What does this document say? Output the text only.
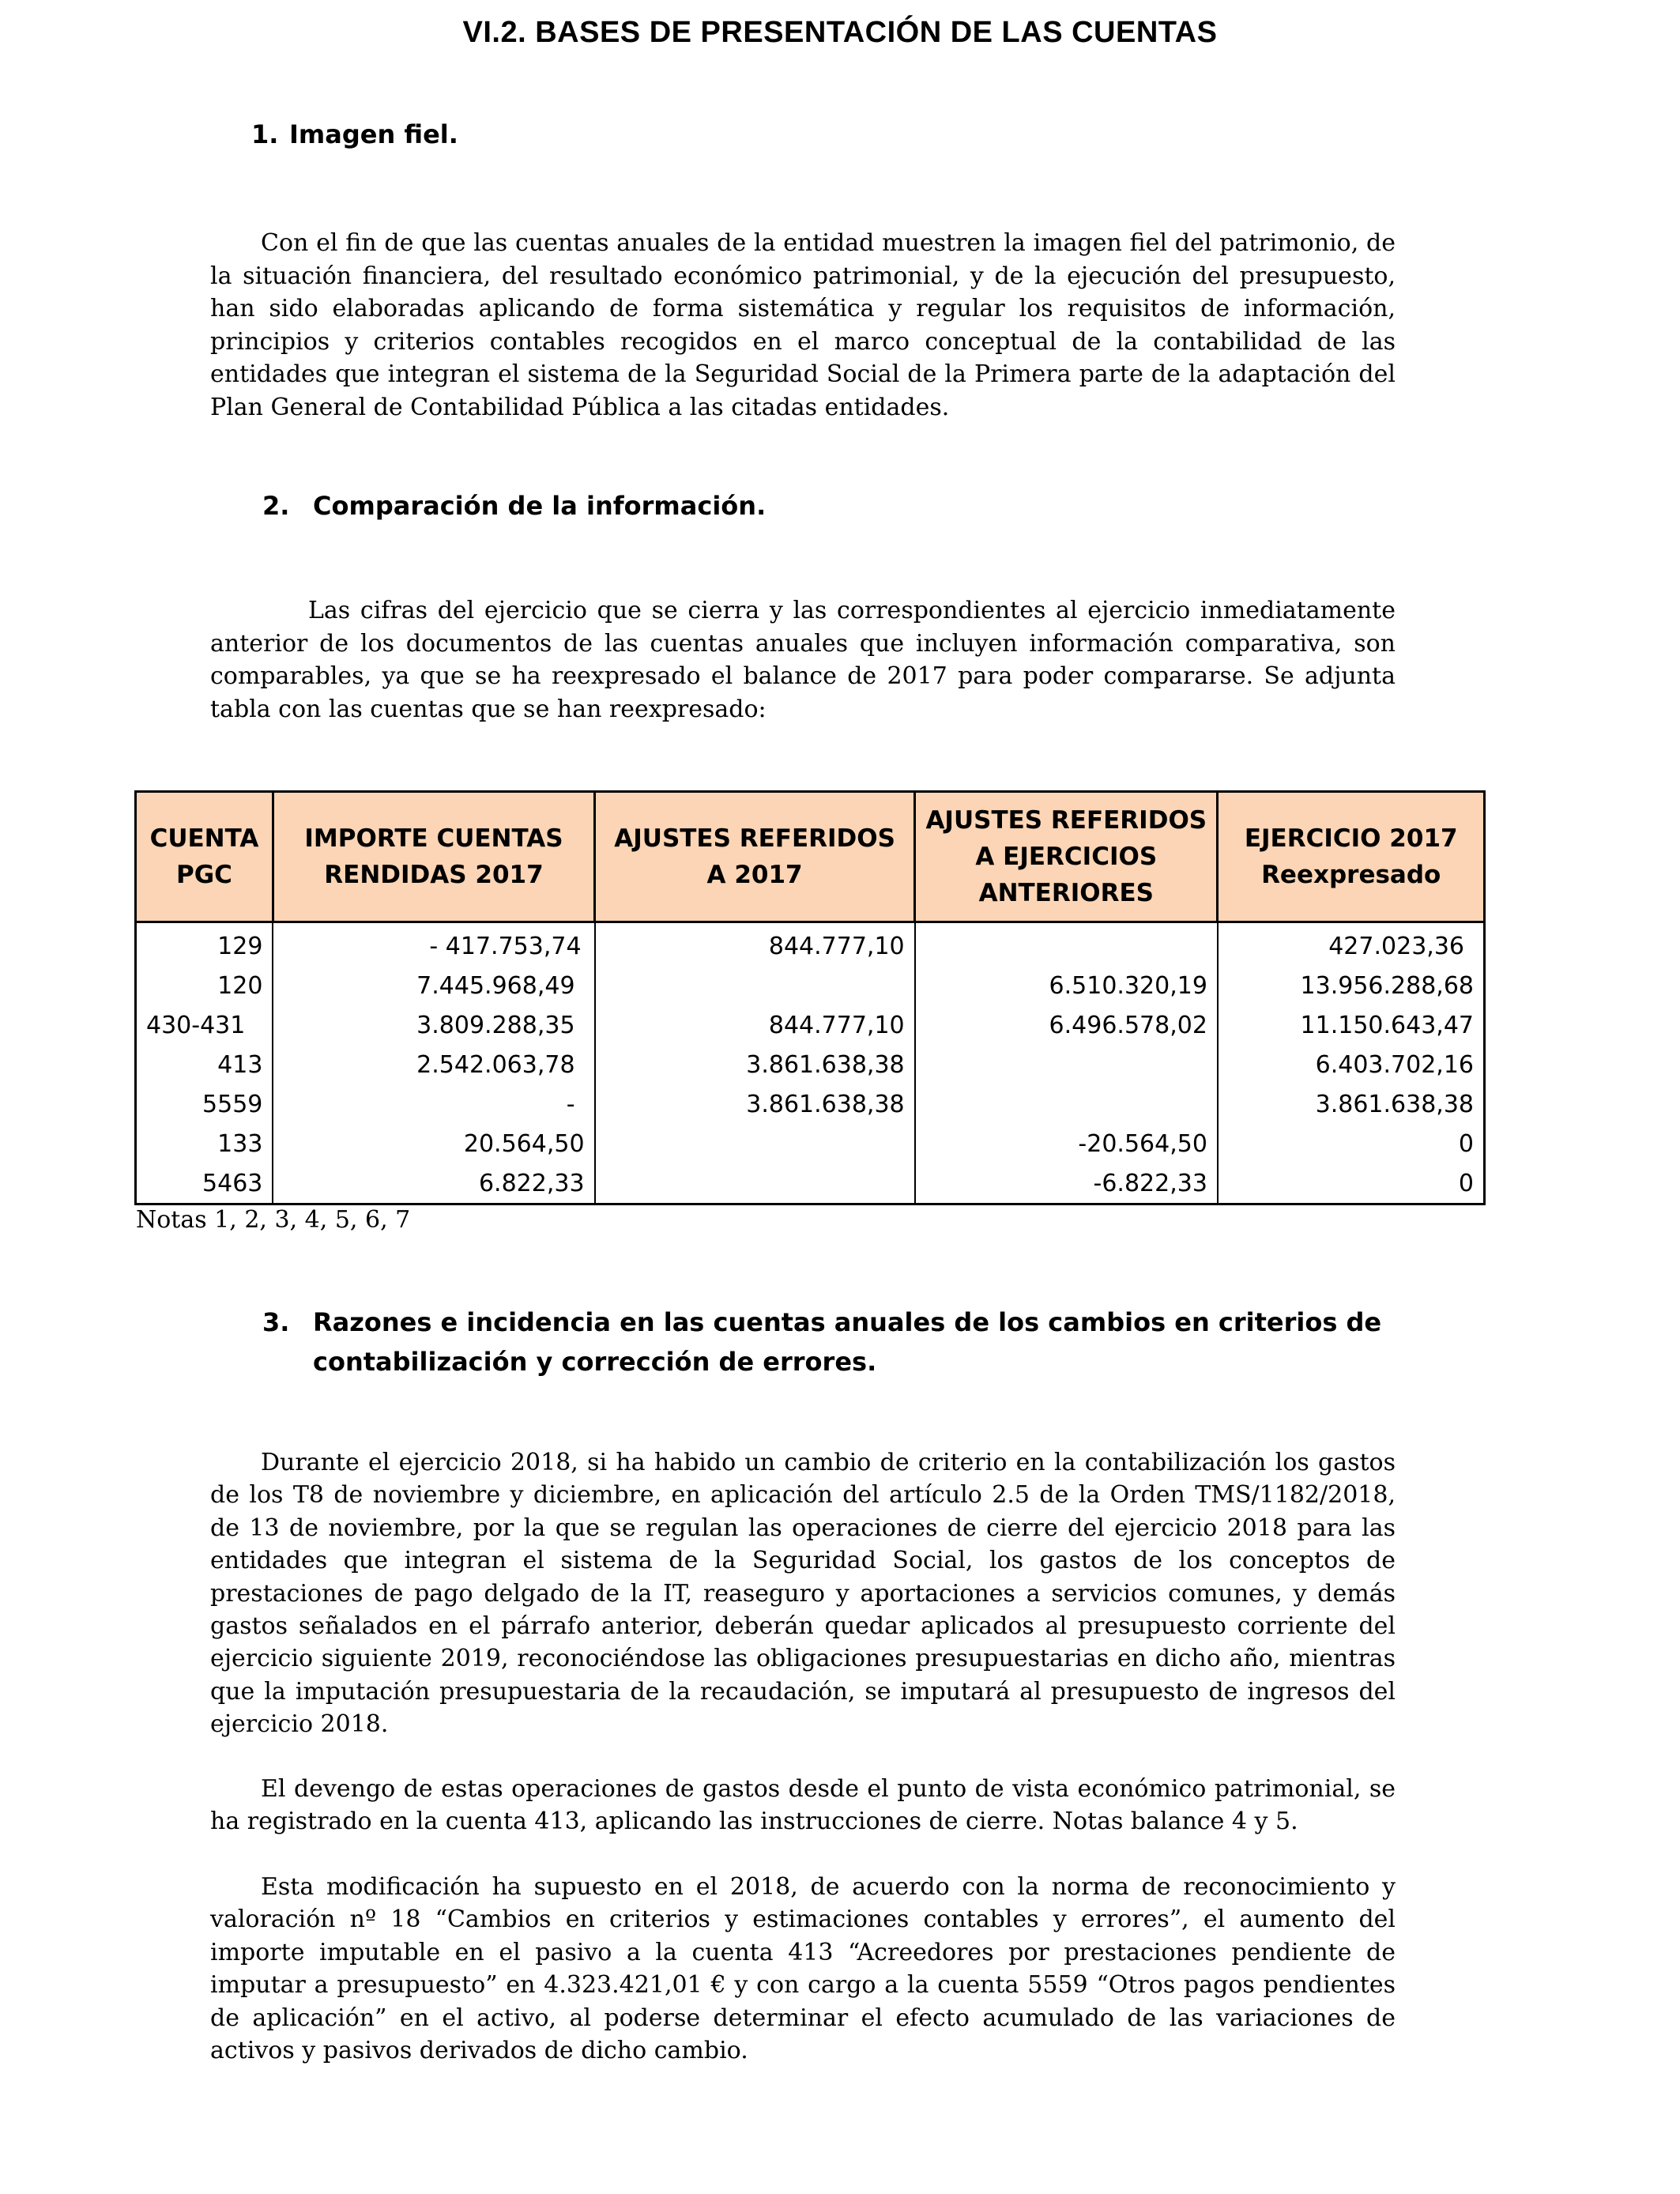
VI.2. BASES DE PRESENTACIÓN DE LAS CUENTAS
1. Imagen fiel.

Con el fin de que las cuentas anuales de la entidad muestren la imagen fiel del patrimonio, de la situación financiera, del resultado económico patrimonial, y de la ejecución del presupuesto, han sido elaboradas aplicando de forma sistemática y regular los requisitos de información, principios y criterios contables recogidos en el marco conceptual de la contabilidad de las entidades que integran el sistema de la Seguridad Social de la Primera parte de la adaptación del Plan General de Contabilidad Pública a las citadas entidades.

2. Comparación de la información.

Las cifras del ejercicio que se cierra y las correspondientes al ejercicio inmediatamente anterior de los documentos de las cuentas anuales que incluyen información comparativa, son comparables, ya que se ha reexpresado el balance de 2017 para poder compararse. Se adjunta tabla con las cuentas que se han reexpresado:

CUENTA PGC	IMPORTE CUENTAS RENDIDAS 2017	AJUSTES REFERIDOS A 2017	AJUSTES REFERIDOS A EJERCICIOS ANTERIORES	EJERCICIO 2017 Reexpresado
129	- 417.753,74	844.777,10		427.023,36
120	7.445.968,49		6.510.320,19	13.956.288,68
430-431	3.809.288,35	844.777,10	6.496.578,02	11.150.643,47
413	2.542.063,78	3.861.638,38		6.403.702,16
5559	-	3.861.638,38		3.861.638,38
133	20.564,50		-20.564,50	0
5463	6.822,33		-6.822,33	0
Notas 1, 2, 3, 4, 5, 6, 7
3. Razones e incidencia en las cuentas anuales de los cambios en criterios de
contabilización y corrección de errores.

Durante el ejercicio 2018, si ha habido un cambio de criterio en la contabilización los gastos de los T8 de noviembre y diciembre, en aplicación del artículo 2.5 de la Orden TMS/1182/2018, de 13 de noviembre, por la que se regulan las operaciones de cierre del ejercicio 2018 para las entidades que integran el sistema de la Seguridad Social, los gastos de los conceptos de prestaciones de pago delgado de la IT, reaseguro y aportaciones a servicios comunes, y demás gastos señalados en el párrafo anterior, deberán quedar aplicados al presupuesto corriente del ejercicio siguiente 2019, reconociéndose las obligaciones presupuestarias en dicho año, mientras que la imputación presupuestaria de la recaudación, se imputará al presupuesto de ingresos del ejercicio 2018.

El devengo de estas operaciones de gastos desde el punto de vista económico patrimonial, se ha registrado en la cuenta 413, aplicando las instrucciones de cierre. Notas balance 4 y 5.

Esta modificación ha supuesto en el 2018, de acuerdo con la norma de reconocimiento y valoración nº 18 “Cambios en criterios y estimaciones contables y errores”, el aumento del importe imputable en el pasivo a la cuenta 413 “Acreedores por prestaciones pendiente de imputar a presupuesto” en 4.323.421,01 € y con cargo a la cuenta 5559 “Otros pagos pendientes de aplicación” en el activo, al poderse determinar el efecto acumulado de las variaciones de activos y pasivos derivados de dicho cambio.
